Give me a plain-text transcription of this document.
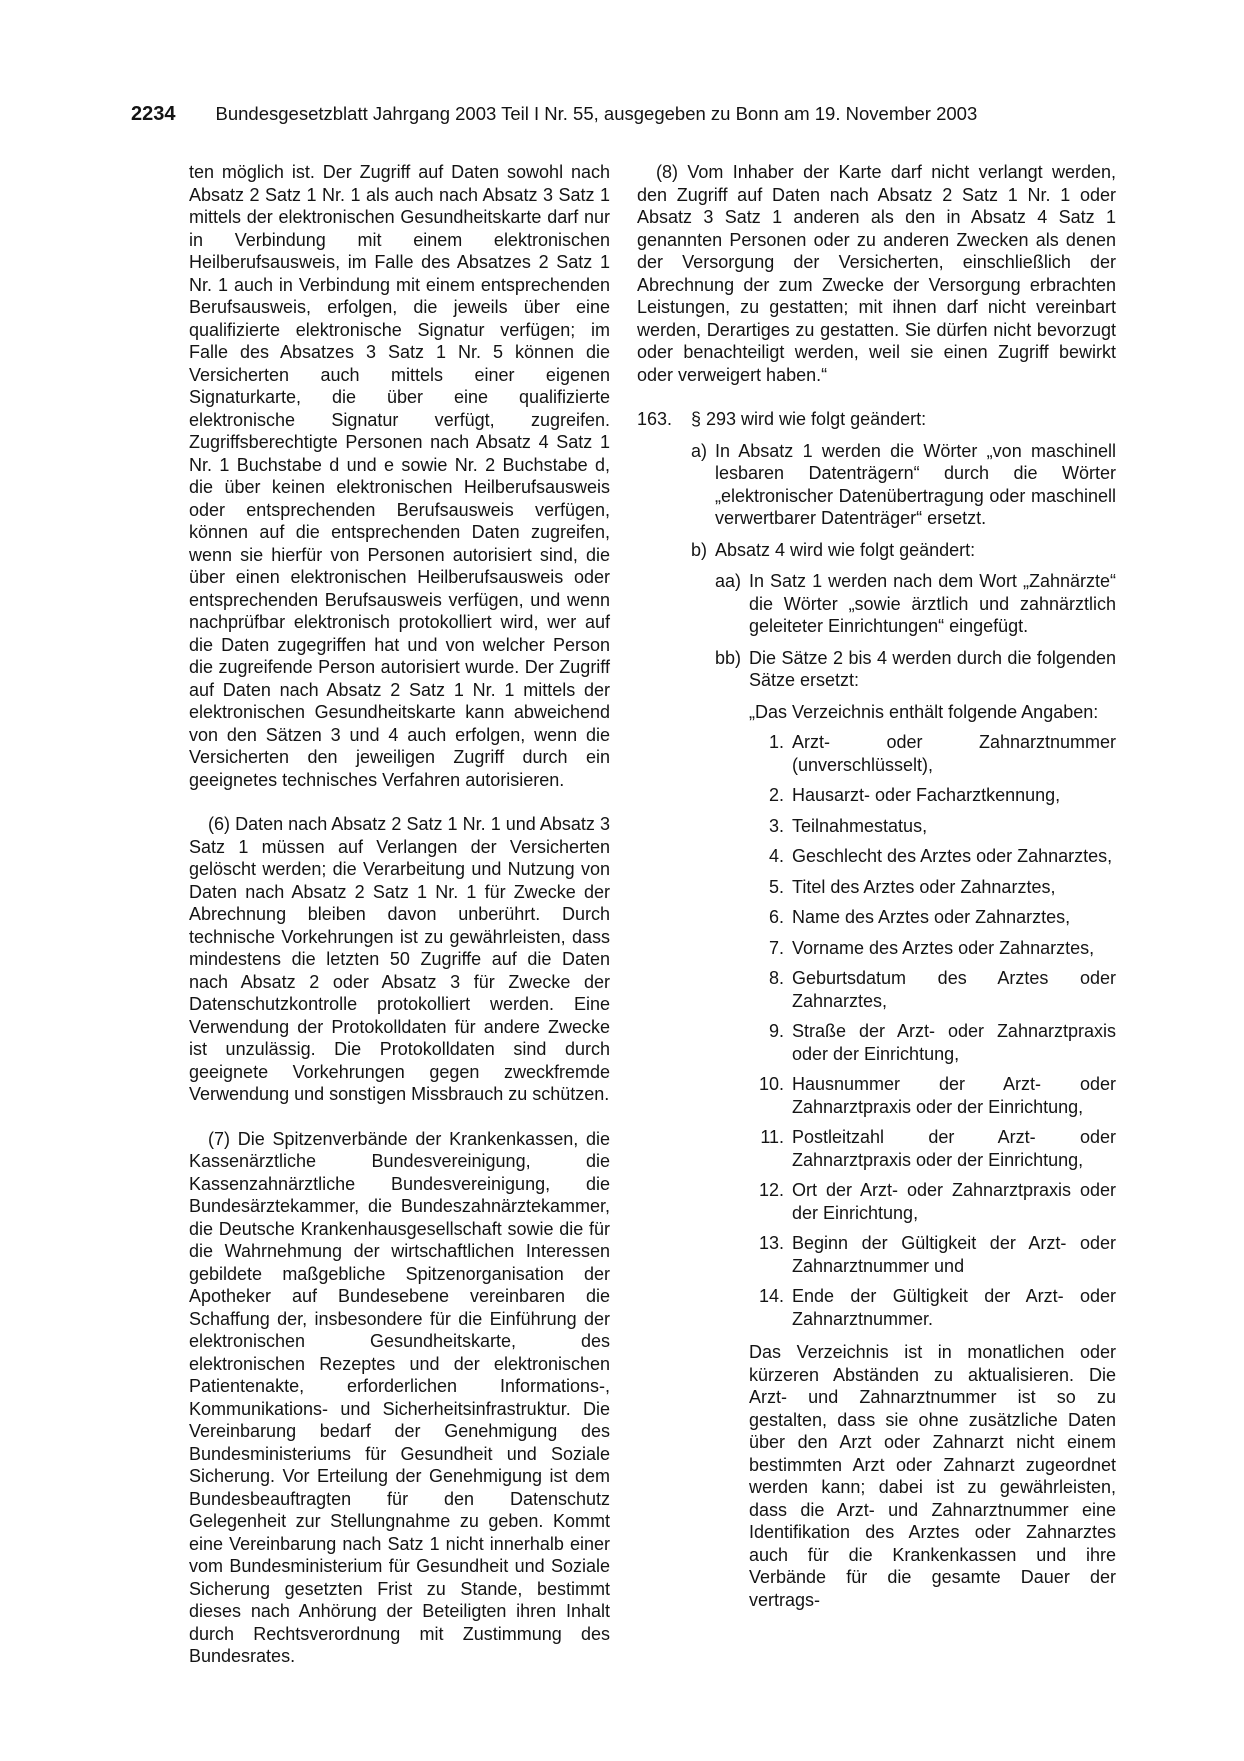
2234 Bundesgesetzblatt Jahrgang 2003 Teil I Nr. 55, ausgegeben zu Bonn am 19. November 2003

ten möglich ist. Der Zugriff auf Daten sowohl nach Absatz 2 Satz 1 Nr. 1 als auch nach Absatz 3 Satz 1 mittels der elektronischen Gesundheitskarte darf nur in Verbindung mit einem elektronischen Heilberufsausweis, im Falle des Absatzes 2 Satz 1 Nr. 1 auch in Verbindung mit einem entsprechenden Berufsausweis, erfolgen, die jeweils über eine qualifizierte elektronische Signatur verfügen; im Falle des Absatzes 3 Satz 1 Nr. 5 können die Versicherten auch mittels einer eigenen Signaturkarte, die über eine qualifizierte elektronische Signatur verfügt, zugreifen. Zugriffsberechtigte Personen nach Absatz 4 Satz 1 Nr. 1 Buchstabe d und e sowie Nr. 2 Buchstabe d, die über keinen elektronischen Heilberufsausweis oder entsprechenden Berufsausweis verfügen, können auf die entsprechenden Daten zugreifen, wenn sie hierfür von Personen autorisiert sind, die über einen elektronischen Heilberufsausweis oder entsprechenden Berufsausweis verfügen, und wenn nachprüfbar elektronisch protokolliert wird, wer auf die Daten zugegriffen hat und von welcher Person die zugreifende Person autorisiert wurde. Der Zugriff auf Daten nach Absatz 2 Satz 1 Nr. 1 mittels der elektronischen Gesundheitskarte kann abweichend von den Sätzen 3 und 4 auch erfolgen, wenn die Versicherten den jeweiligen Zugriff durch ein geeignetes technisches Verfahren autorisieren.

(6) Daten nach Absatz 2 Satz 1 Nr. 1 und Absatz 3 Satz 1 müssen auf Verlangen der Versicherten gelöscht werden; die Verarbeitung und Nutzung von Daten nach Absatz 2 Satz 1 Nr. 1 für Zwecke der Abrechnung bleiben davon unberührt. Durch technische Vorkehrungen ist zu gewährleisten, dass mindestens die letzten 50 Zugriffe auf die Daten nach Absatz 2 oder Absatz 3 für Zwecke der Datenschutzkontrolle protokolliert werden. Eine Verwendung der Protokolldaten für andere Zwecke ist unzulässig. Die Protokolldaten sind durch geeignete Vorkehrungen gegen zweckfremde Verwendung und sonstigen Missbrauch zu schützen.

(7) Die Spitzenverbände der Krankenkassen, die Kassenärztliche Bundesvereinigung, die Kassenzahnärztliche Bundesvereinigung, die Bundesärztekammer, die Bundeszahnärztekammer, die Deutsche Krankenhausgesellschaft sowie die für die Wahrnehmung der wirtschaftlichen Interessen gebildete maßgebliche Spitzenorganisation der Apotheker auf Bundesebene vereinbaren die Schaffung der, insbesondere für die Einführung der elektronischen Gesundheitskarte, des elektronischen Rezeptes und der elektronischen Patientenakte, erforderlichen Informations-, Kommunikations- und Sicherheitsinfrastruktur. Die Vereinbarung bedarf der Genehmigung des Bundesministeriums für Gesundheit und Soziale Sicherung. Vor Erteilung der Genehmigung ist dem Bundesbeauftragten für den Datenschutz Gelegenheit zur Stellungnahme zu geben. Kommt eine Vereinbarung nach Satz 1 nicht innerhalb einer vom Bundesministerium für Gesundheit und Soziale Sicherung gesetzten Frist zu Stande, bestimmt dieses nach Anhörung der Beteiligten ihren Inhalt durch Rechtsverordnung mit Zustimmung des Bundesrates.

(8) Vom Inhaber der Karte darf nicht verlangt werden, den Zugriff auf Daten nach Absatz 2 Satz 1 Nr. 1 oder Absatz 3 Satz 1 anderen als den in Absatz 4 Satz 1 genannten Personen oder zu anderen Zwecken als denen der Versorgung der Versicherten, einschließlich der Abrechnung der zum Zwecke der Versorgung erbrachten Leistungen, zu gestatten; mit ihnen darf nicht vereinbart werden, Derartiges zu gestatten. Sie dürfen nicht bevorzugt oder benachteiligt werden, weil sie einen Zugriff bewirkt oder verweigert haben.“

163.	§ 293 wird wie folgt geändert:
a) In Absatz 1 werden die Wörter „von maschinell lesbaren Datenträgern“ durch die Wörter „elektronischer Datenübertragung oder maschinell verwertbarer Datenträger“ ersetzt.
b) Absatz 4 wird wie folgt geändert:
aa) In Satz 1 werden nach dem Wort „Zahnärzte“ die Wörter „sowie ärztlich und zahnärztlich geleiteter Einrichtungen“ eingefügt.
bb) Die Sätze 2 bis 4 werden durch die folgenden Sätze ersetzt:

„Das Verzeichnis enthält folgende Angaben:

1. Arzt- oder Zahnarztnummer (unverschlüsselt),
2. Hausarzt- oder Facharztkennung,
3. Teilnahmestatus,
4. Geschlecht des Arztes oder Zahnarztes,
5. Titel des Arztes oder Zahnarztes,
6. Name des Arztes oder Zahnarztes,
7. Vorname des Arztes oder Zahnarztes,
8. Geburtsdatum des Arztes oder Zahnarztes,
9. Straße der Arzt- oder Zahnarztpraxis oder der Einrichtung,
10. Hausnummer der Arzt- oder Zahnarztpraxis oder der Einrichtung,
11. Postleitzahl der Arzt- oder Zahnarztpraxis oder der Einrichtung,
12. Ort der Arzt- oder Zahnarztpraxis oder der Einrichtung,
13. Beginn der Gültigkeit der Arzt- oder Zahnarztnummer und
14. Ende der Gültigkeit der Arzt- oder Zahnarztnummer.

Das Verzeichnis ist in monatlichen oder kürzeren Abständen zu aktualisieren. Die Arzt- und Zahnarztnummer ist so zu gestalten, dass sie ohne zusätzliche Daten über den Arzt oder Zahnarzt nicht einem bestimmten Arzt oder Zahnarzt zugeordnet werden kann; dabei ist zu gewährleisten, dass die Arzt- und Zahnarztnummer eine Identifikation des Arztes oder Zahnarztes auch für die Krankenkassen und ihre Verbände für die gesamte Dauer der vertrags-
